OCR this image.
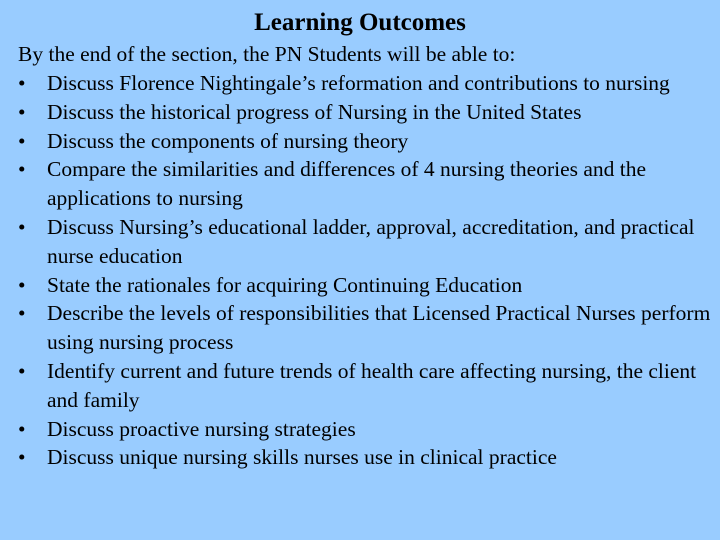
Learning Outcomes
By the end of the section, the PN Students will be able to:
• Discuss Florence Nightingale’s reformation and contributions to nursing
• Discuss the historical progress of Nursing in the United States
• Discuss the components of nursing theory
• Compare the similarities and differences of 4 nursing theories and the applications to nursing
• Discuss Nursing’s educational ladder, approval, accreditation, and practical nurse education
• State the rationales for acquiring Continuing Education
• Describe the levels of responsibilities that Licensed Practical Nurses perform using nursing process
• Identify current and future trends of health care affecting nursing, the client and family
• Discuss proactive nursing strategies
• Discuss unique nursing skills nurses use in clinical practice
